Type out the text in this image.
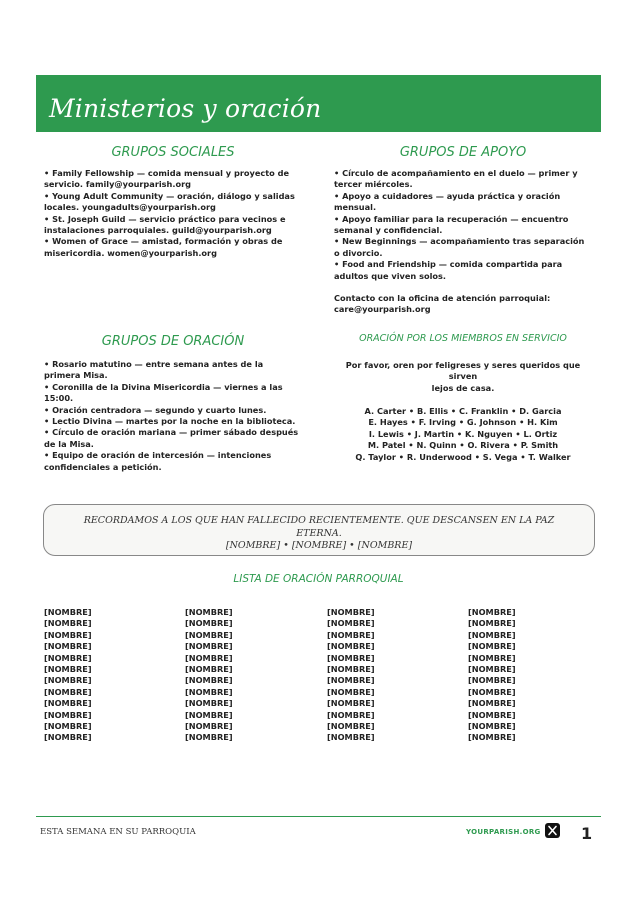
Ministerios y oración
GRUPOS SOCIALES
• Family Fellowship — comida mensual y proyecto de servicio. family@yourparish.org
• Young Adult Community — oración, diálogo y salidas locales. youngadults@yourparish.org
• St. Joseph Guild — servicio práctico para vecinos e instalaciones parroquiales. guild@yourparish.org
• Women of Grace — amistad, formación y obras de misericordia. women@yourparish.org
GRUPOS DE APOYO
• Círculo de acompañamiento en el duelo — primer y tercer miércoles.
• Apoyo a cuidadores — ayuda práctica y oración mensual.
• Apoyo familiar para la recuperación — encuentro semanal y confidencial.
• New Beginnings — acompañamiento tras separación o divorcio.
• Food and Friendship — comida compartida para adultos que viven solos.
Contacto con la oficina de atención parroquial:
care@yourparish.org
GRUPOS DE ORACIÓN
• Rosario matutino — entre semana antes de la primera Misa.
• Coronilla de la Divina Misericordia — viernes a las 15:00.
• Oración centradora — segundo y cuarto lunes.
• Lectio Divina — martes por la noche en la biblioteca.
• Círculo de oración mariana — primer sábado después de la Misa.
• Equipo de oración de intercesión — intenciones confidenciales a petición.
ORACIÓN POR LOS MIEMBROS EN SERVICIO
Por favor, oren por feligreses y seres queridos que sirven
lejos de casa.
A. Carter • B. Ellis • C. Franklin • D. Garcia
E. Hayes • F. Irving • G. Johnson • H. Kim
I. Lewis • J. Martin • K. Nguyen • L. Ortiz
M. Patel • N. Quinn • O. Rivera • P. Smith
Q. Taylor • R. Underwood • S. Vega • T. Walker
RECORDAMOS A LOS QUE HAN FALLECIDO RECIENTEMENTE. QUE DESCANSEN EN LA PAZ ETERNA.
[NOMBRE] • [NOMBRE] • [NOMBRE]
LISTA DE ORACIÓN PARROQUIAL
[NOMBRE]
[NOMBRE]
[NOMBRE]
[NOMBRE]
[NOMBRE]
[NOMBRE]
[NOMBRE]
[NOMBRE]
[NOMBRE]
[NOMBRE]
[NOMBRE]
[NOMBRE]
[NOMBRE]
[NOMBRE]
[NOMBRE]
[NOMBRE]
[NOMBRE]
[NOMBRE]
[NOMBRE]
[NOMBRE]
[NOMBRE]
[NOMBRE]
[NOMBRE]
[NOMBRE]
[NOMBRE]
[NOMBRE]
[NOMBRE]
[NOMBRE]
[NOMBRE]
[NOMBRE]
[NOMBRE]
[NOMBRE]
[NOMBRE]
[NOMBRE]
[NOMBRE]
[NOMBRE]
[NOMBRE]
[NOMBRE]
[NOMBRE]
[NOMBRE]
[NOMBRE]
[NOMBRE]
[NOMBRE]
[NOMBRE]
[NOMBRE]
[NOMBRE]
[NOMBRE]
[NOMBRE]
ESTA SEMANA EN SU PARROQUIA	YOURPARISH.ORG	1
